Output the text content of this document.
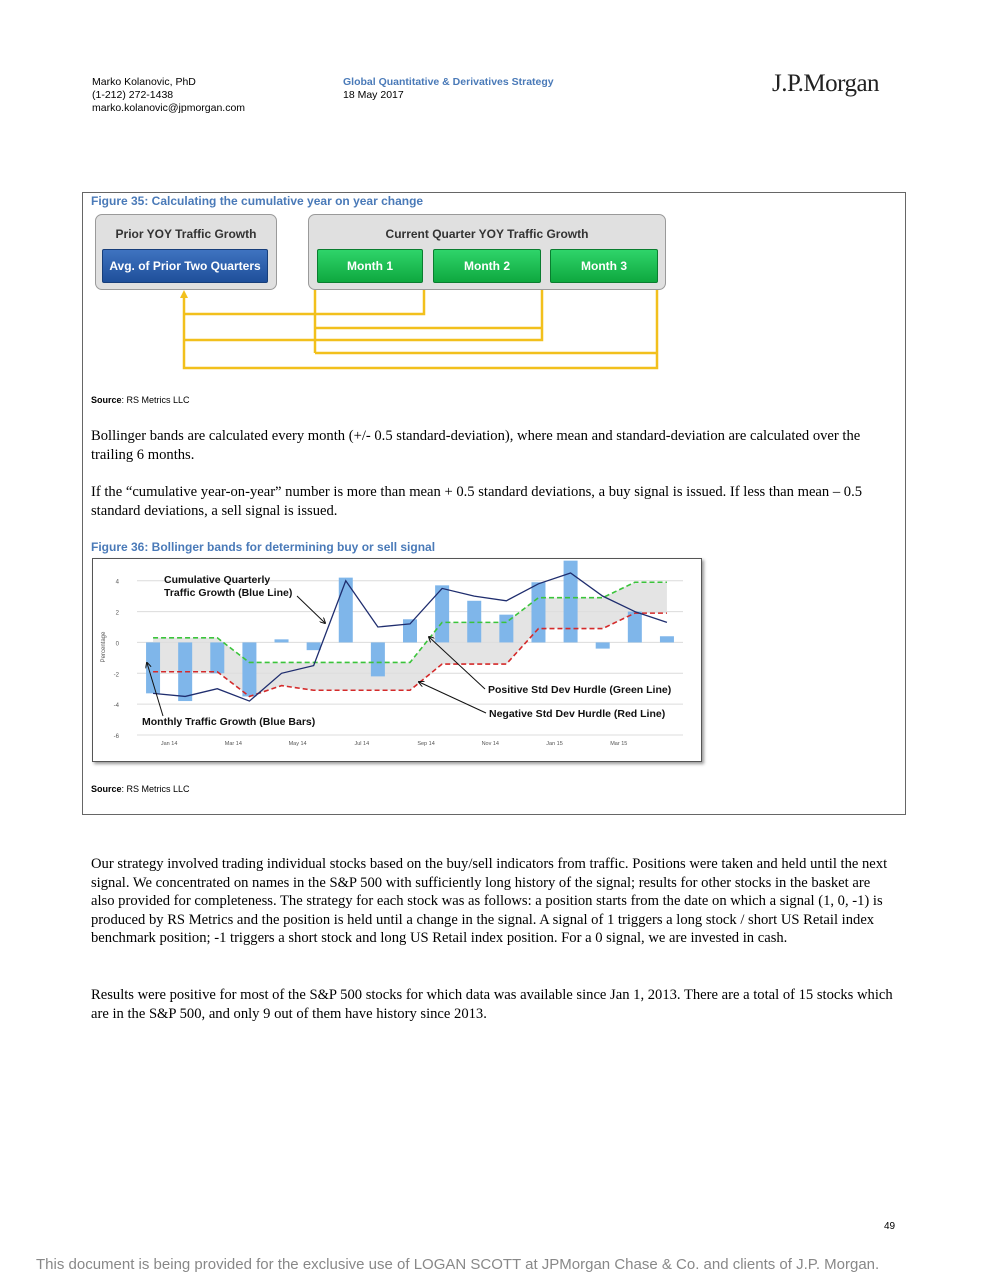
Marko Kolanovic, PhD
(1-212) 272-1438
marko.kolanovic@jpmorgan.com
Global Quantitative & Derivatives Strategy
18 May 2017	J.P.Morgan
Figure 35: Calculating the cumulative year on year change
Prior YOY Traffic Growth
Avg. of Prior Two Quarters
Current Quarter YOY Traffic Growth
Month 1	Month 2	Month 3
Source: RS Metrics LLC
Bollinger bands are calculated every month (+/- 0.5 standard-deviation), where mean and standard-deviation are calculated over the trailing 6 months.
If the “cumulative year-on-year” number is more than mean + 0.5 standard deviations, a buy signal is issued. If less than mean – 0.5 standard deviations, a sell signal is issued.
Figure 36: Bollinger bands for determining buy or sell signal
4
2
0
-2
-4
-6
Percentage
Jan 14	Mar 14	May 14	Jul 14	Sep 14	Nov 14	Jan 15	Mar 15
Cumulative Quarterly
Traffic Growth (Blue Line)
Positive Std Dev Hurdle (Green Line)
Negative Std Dev Hurdle (Red Line)
Monthly Traffic Growth (Blue Bars)
Source: RS Metrics LLC
Our strategy involved trading individual stocks based on the buy/sell indicators from traffic. Positions were taken and held until the next signal. We concentrated on names in the S&P 500 with sufficiently long history of the signal; results for other stocks in the basket are also provided for completeness. The strategy for each stock was as follows: a position starts from the date on which a signal (1, 0, -1) is produced by RS Metrics and the position is held until a change in the signal. A signal of 1 triggers a long stock / short US Retail index benchmark position; -1 triggers a short stock and long US Retail index position. For a 0 signal, we are invested in cash.
Results were positive for most of the S&P 500 stocks for which data was available since Jan 1, 2013. There are a total of 15 stocks which are in the S&P 500, and only 9 out of them have history since 2013.
49
This document is being provided for the exclusive use of LOGAN SCOTT at JPMorgan Chase & Co. and clients of J.P. Morgan.
